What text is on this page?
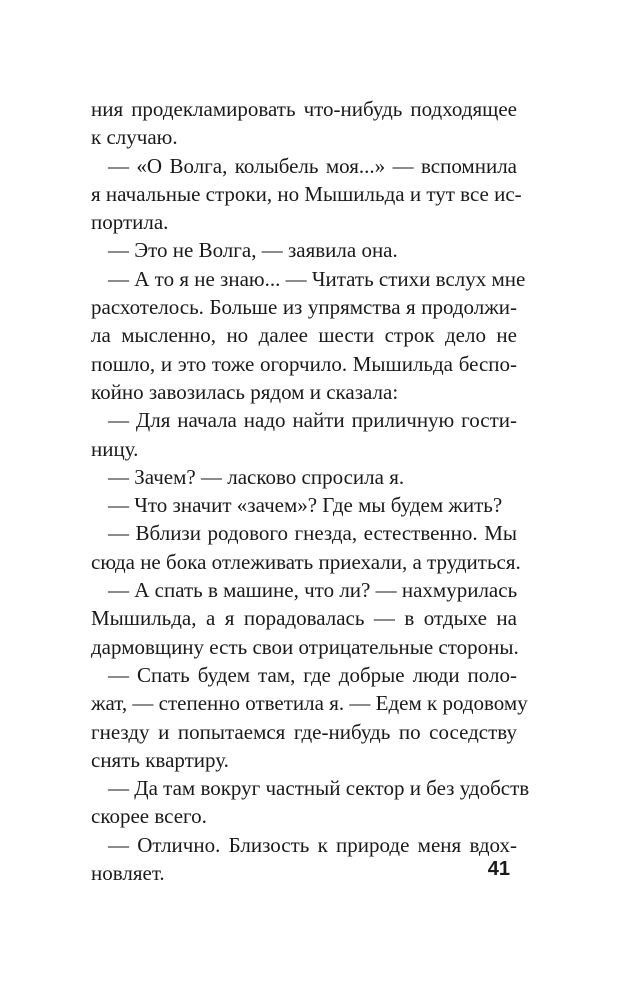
ния продекламировать что-нибудь подходящее
к случаю.
— «О Волга, колыбель моя...» — вспомнила
я начальные строки, но Мышильда и тут все ис-
портила.
— Это не Волга, — заявила она.
— А то я не знаю... — Читать стихи вслух мне
расхотелось. Больше из упрямства я продолжи-
ла мысленно, но далее шести строк дело не
пошло, и это тоже огорчило. Мышильда беспо-
койно завозилась рядом и сказала:
— Для начала надо найти приличную гости-
ницу.
— Зачем? — ласково спросила я.
— Что значит «зачем»? Где мы будем жить?
— Вблизи родового гнезда, естественно. Мы
сюда не бока отлеживать приехали, а трудиться.
— А спать в машине, что ли? — нахмурилась
Мышильда, а я порадовалась — в отдыхе на
дармовщину есть свои отрицательные стороны.
— Спать будем там, где добрые люди поло-
жат, — степенно ответила я. — Едем к родовому
гнезду и попытаемся где-нибудь по соседству
снять квартиру.
— Да там вокруг частный сектор и без удобств
скорее всего.
— Отлично. Близость к природе меня вдох-
новляет.	41
